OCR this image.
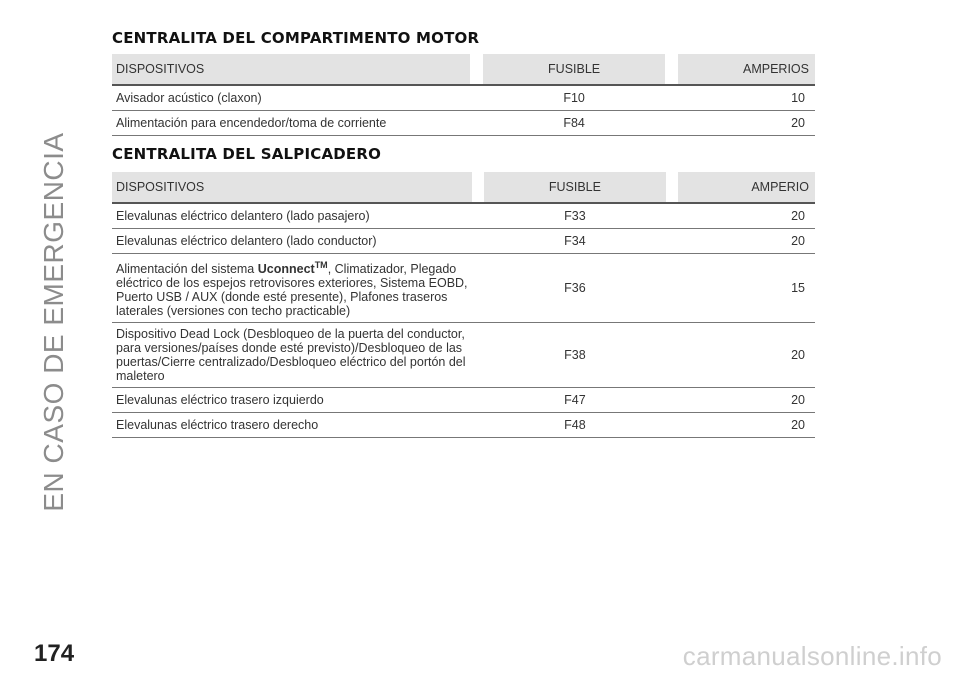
EN CASO DE EMERGENCIA
CENTRALITA DEL COMPARTIMENTO MOTOR
DISPOSITIVOS		FUSIBLE		AMPERIOS
Avisador acústico (claxon)		F10		10
Alimentación para encendedor/toma de corriente		F84		20
CENTRALITA DEL SALPICADERO
DISPOSITIVOS		FUSIBLE		AMPERIO
Elevalunas eléctrico delantero (lado pasajero)		F33		20
Elevalunas eléctrico delantero (lado conductor)		F34		20
Alimentación del sistema Uconnect™, Climatizador, Plegado eléctrico de los espejos retrovisores exteriores, Sistema EOBD, Puerto USB / AUX (donde esté presente), Plafones traseros laterales (versiones con techo practicable)		F36		15
Dispositivo Dead Lock (Desbloqueo de la puerta del conductor, para versiones/países donde esté previsto)/Desbloqueo de las puertas/Cierre centralizado/Desbloqueo eléctrico del portón del maletero		F38		20
Elevalunas eléctrico trasero izquierdo		F47		20
Elevalunas eléctrico trasero derecho		F48		20
174	carmanualsonline.info
